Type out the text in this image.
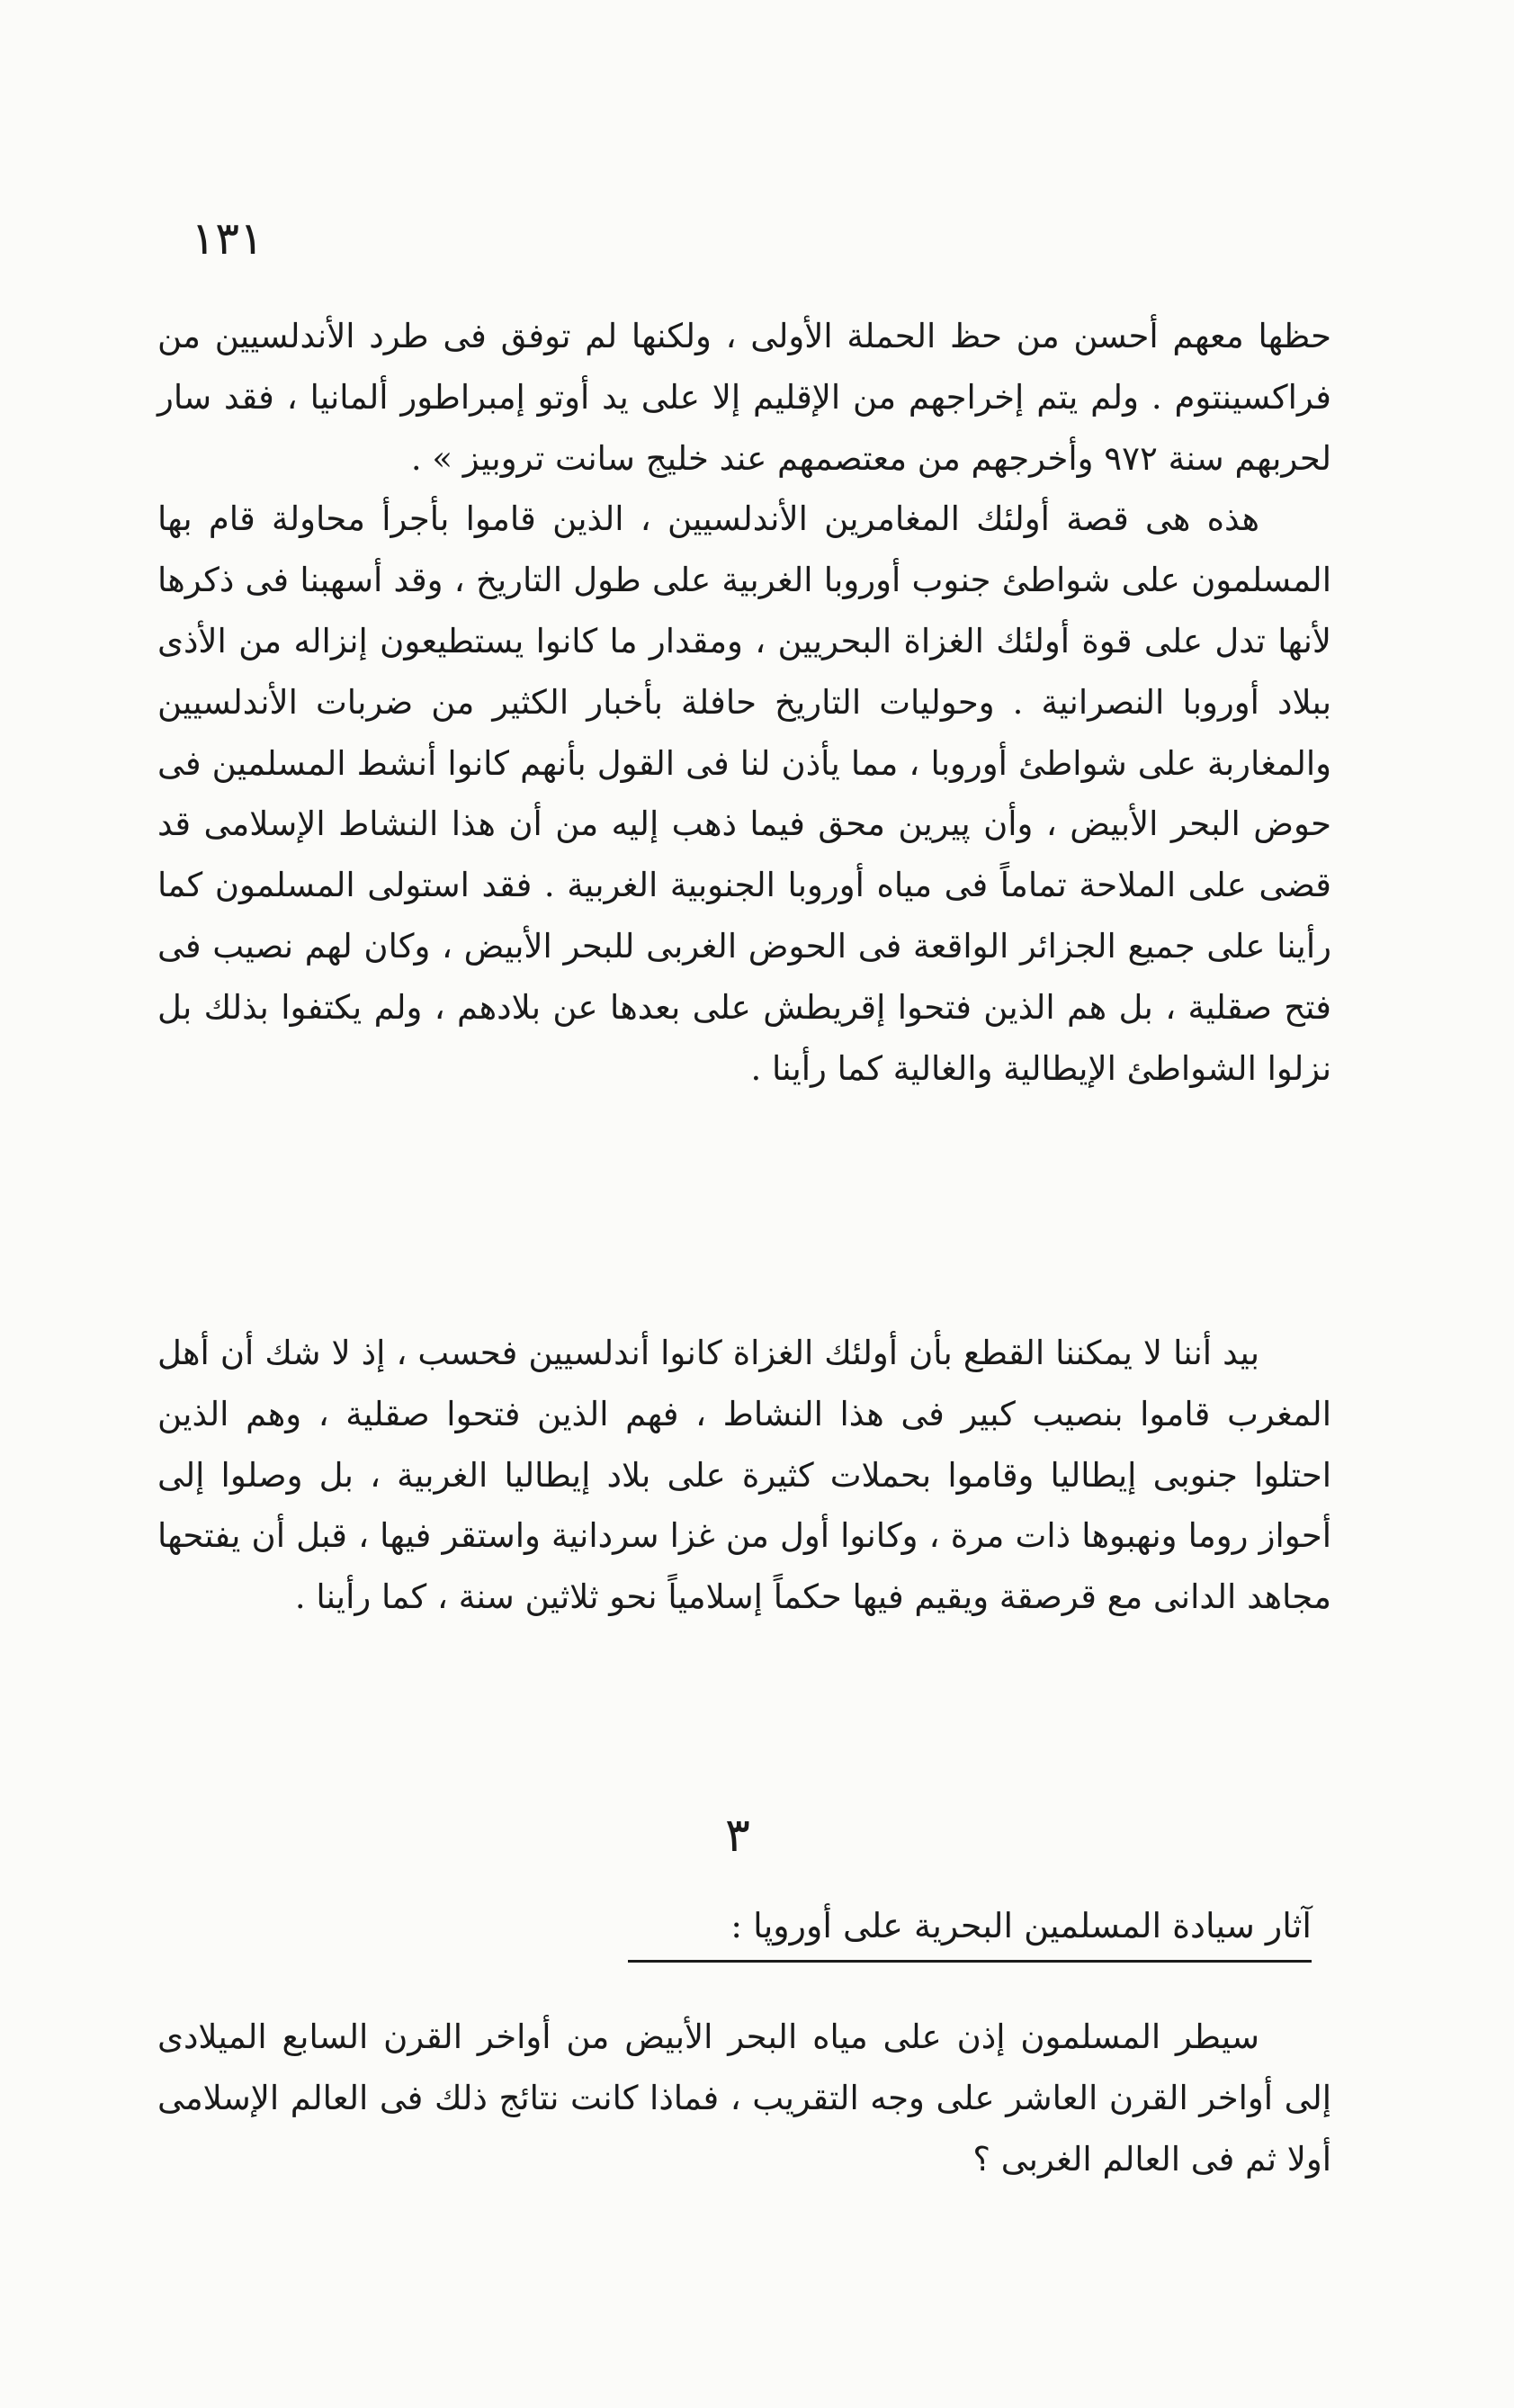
١٣١

حظها معهم أحسن من حظ الحملة الأولى ، ولكنها لم توفق فى طرد الأندلسيين من فراكسينتوم . ولم يتم إخراجهم من الإقليم إلا على يد أوتو إمبراطور ألمانيا ، فقد سار لحربهم سنة ٩٧٢ وأخرجهم من معتصمهم عند خليج سانت تروبيز » .

هذه هى قصة أولئك المغامرين الأندلسيين ، الذين قاموا بأجرأ محاولة قام بها المسلمون على شواطئ جنوب أوروبا الغربية على طول التاريخ ، وقد أسهبنا فى ذكرها لأنها تدل على قوة أولئك الغزاة البحريين ، ومقدار ما كانوا يستطيعون إنزاله من الأذى ببلاد أوروبا النصرانية . وحوليات التاريخ حافلة بأخبار الكثير من ضربات الأندلسيين والمغاربة على شواطئ أوروبا ، مما يأذن لنا فى القول بأنهم كانوا أنشط المسلمين فى حوض البحر الأبيض ، وأن پيرين محق فيما ذهب إليه من أن هذا النشاط الإسلامى قد قضى على الملاحة تماماً فى مياه أوروبا الجنوبية الغربية . فقد استولى المسلمون كما رأينا على جميع الجزائر الواقعة فى الحوض الغربى للبحر الأبيض ، وكان لهم نصيب فى فتح صقلية ، بل هم الذين فتحوا إقريطش على بعدها عن بلادهم ، ولم يكتفوا بذلك بل نزلوا الشواطئ الإيطالية والغالية كما رأينا .

بيد أننا لا يمكننا القطع بأن أولئك الغزاة كانوا أندلسيين فحسب ، إذ لا شك أن أهل المغرب قاموا بنصيب كبير فى هذا النشاط ، فهم الذين فتحوا صقلية ، وهم الذين احتلوا جنوبى إيطاليا وقاموا بحملات كثيرة على بلاد إيطاليا الغربية ، بل وصلوا إلى أحواز روما ونهبوها ذات مرة ، وكانوا أول من غزا سردانية واستقر فيها ، قبل أن يفتحها مجاهد الدانى مع قرصقة ويقيم فيها حكماً إسلامياً نحو ثلاثين سنة ، كما رأينا .

٣
آثار سيادة المسلمين البحرية على أوروپا :

سيطر المسلمون إذن على مياه البحر الأبيض من أواخر القرن السابع الميلادى إلى أواخر القرن العاشر على وجه التقريب ، فماذا كانت نتائج ذلك فى العالم الإسلامى أولا ثم فى العالم الغربى ؟
